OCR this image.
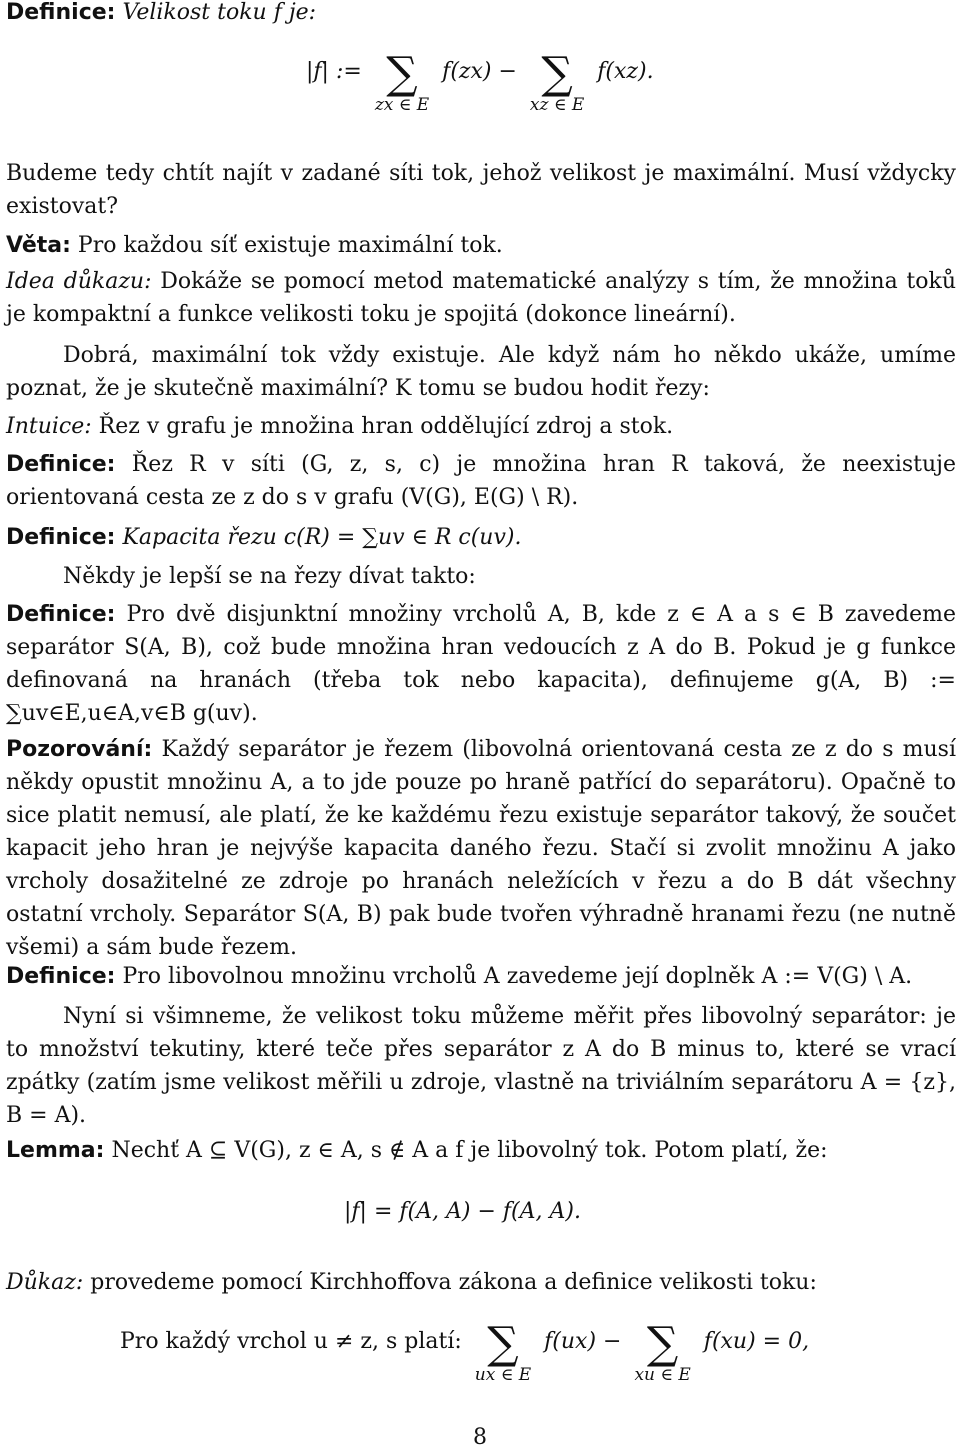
Definice: Velikost toku f je:
|f| := ∑
zx ∈ E
f(zx) − ∑
xz ∈ E
f(xz).

Budeme tedy chtít najít v zadané síti tok, jehož velikost je maximální. Musí vždycky existovat?

Věta: Pro každou síť existuje maximální tok.

Idea důkazu: Dokáže se pomocí metod matematické analýzy s tím, že množina toků je kompaktní a funkce velikosti toku je spojitá (dokonce lineární).

Dobrá, maximální tok vždy existuje. Ale když nám ho někdo ukáže, umíme poznat, že je skutečně maximální? K tomu se budou hodit řezy:

Intuice: Řez v grafu je množina hran oddělující zdroj a stok.

Definice: Řez R v síti (G, z, s, c) je množina hran R taková, že neexistuje orientovaná cesta ze z do s v grafu (V(G), E(G) \ R).

Definice: Kapacita řezu c(R) = ∑uv ∈ R c(uv).

Někdy je lepší se na řezy dívat takto:

Definice: Pro dvě disjunktní množiny vrcholů A, B, kde z ∈ A a s ∈ B zavedeme separátor S(A, B), což bude množina hran vedoucích z A do B. Pokud je g funkce definovaná na hranách (třeba tok nebo kapacita), definujeme g(A, B) := ∑uv∈E,u∈A,v∈B g(uv).

Pozorování: Každý separátor je řezem (libovolná orientovaná cesta ze z do s musí někdy opustit množinu A, a to jde pouze po hraně patřící do separátoru). Opačně to sice platit nemusí, ale platí, že ke každému řezu existuje separátor takový, že součet kapacit jeho hran je nejvýše kapacita daného řezu. Stačí si zvolit množinu A jako vrcholy dosažitelné ze zdroje po hranách neležících v řezu a do B dát všechny ostatní vrcholy. Separátor S(A, B) pak bude tvořen výhradně hranami řezu (ne nutně všemi) a sám bude řezem.

Definice: Pro libovolnou množinu vrcholů A zavedeme její doplněk A := V(G) \ A.

Nyní si všimneme, že velikost toku můžeme měřit přes libovolný separátor: je to množství tekutiny, které teče přes separátor z A do B minus to, které se vrací zpátky (zatím jsme velikost měřili u zdroje, vlastně na triviálním separátoru A = {z}, B = A).

Lemma: Nechť A ⊆ V(G), z ∈ A, s ∉ A a f je libovolný tok. Potom platí, že:
|f| = f(A, A) − f(A, A).
Důkaz: provedeme pomocí Kirchhoffova zákona a definice velikosti toku:
Pro každý vrchol u ≠ z, s platí: ∑
ux ∈ E
f(ux) − ∑
xu ∈ E
f(xu) = 0,
8
